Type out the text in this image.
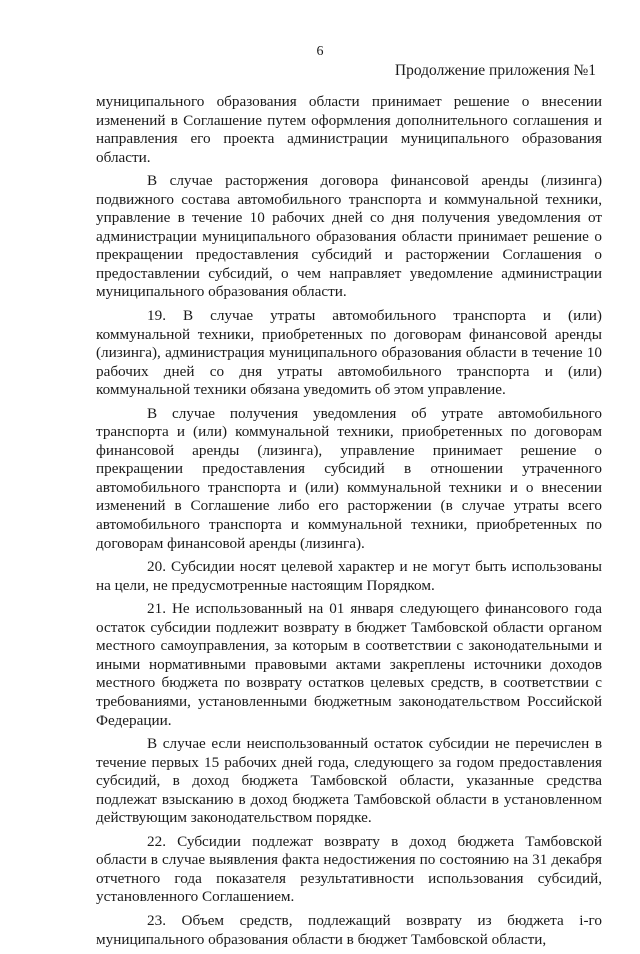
6
Продолжение приложения №1

муниципального образования области принимает решение о внесении изменений в Соглашение путем оформления дополнительного соглашения и направления его проекта администрации муниципального образования области.

В случае расторжения договора финансовой аренды (лизинга) подвижного состава автомобильного транспорта и коммунальной техники, управление в течение 10 рабочих дней со дня получения уведомления от администрации муниципального образования области принимает решение о прекращении предоставления субсидий и расторжении Соглашения о предоставлении субсидий, о чем направляет уведомление администрации муниципального образования области.

19. В случае утраты автомобильного транспорта и (или) коммунальной техники, приобретенных по договорам финансовой аренды (лизинга), администрация муниципального образования области в течение 10 рабочих дней со дня утраты автомобильного транспорта и (или) коммунальной техники обязана уведомить об этом управление.

В случае получения уведомления об утрате автомобильного транспорта и (или) коммунальной техники, приобретенных по договорам финансовой аренды (лизинга), управление принимает решение о прекращении предоставления субсидий в отношении утраченного автомобильного транспорта и (или) коммунальной техники и о внесении изменений в Соглашение либо его расторжении (в случае утраты всего автомобильного транспорта и коммунальной техники, приобретенных по договорам финансовой аренды (лизинга).

20. Субсидии носят целевой характер и не могут быть использованы на цели, не предусмотренные настоящим Порядком.

21. Не использованный на 01 января следующего финансового года остаток субсидии подлежит возврату в бюджет Тамбовской области органом местного самоуправления, за которым в соответствии с законодательными и иными нормативными правовыми актами закреплены источники доходов местного бюджета по возврату остатков целевых средств, в соответствии с требованиями, установленными бюджетным законодательством Российской Федерации.

В случае если неиспользованный остаток субсидии не перечислен в течение первых 15 рабочих дней года, следующего за годом предоставления субсидий, в доход бюджета Тамбовской области, указанные средства подлежат взысканию в доход бюджета Тамбовской области в установленном действующим законодательством порядке.

22. Субсидии подлежат возврату в доход бюджета Тамбовской области в случае выявления факта недостижения по состоянию на 31 декабря отчетного года показателя результативности использования субсидий, установленного Соглашением.

23. Объем средств, подлежащий возврату из бюджета i-го муниципального образования области в бюджет Тамбовской области,
